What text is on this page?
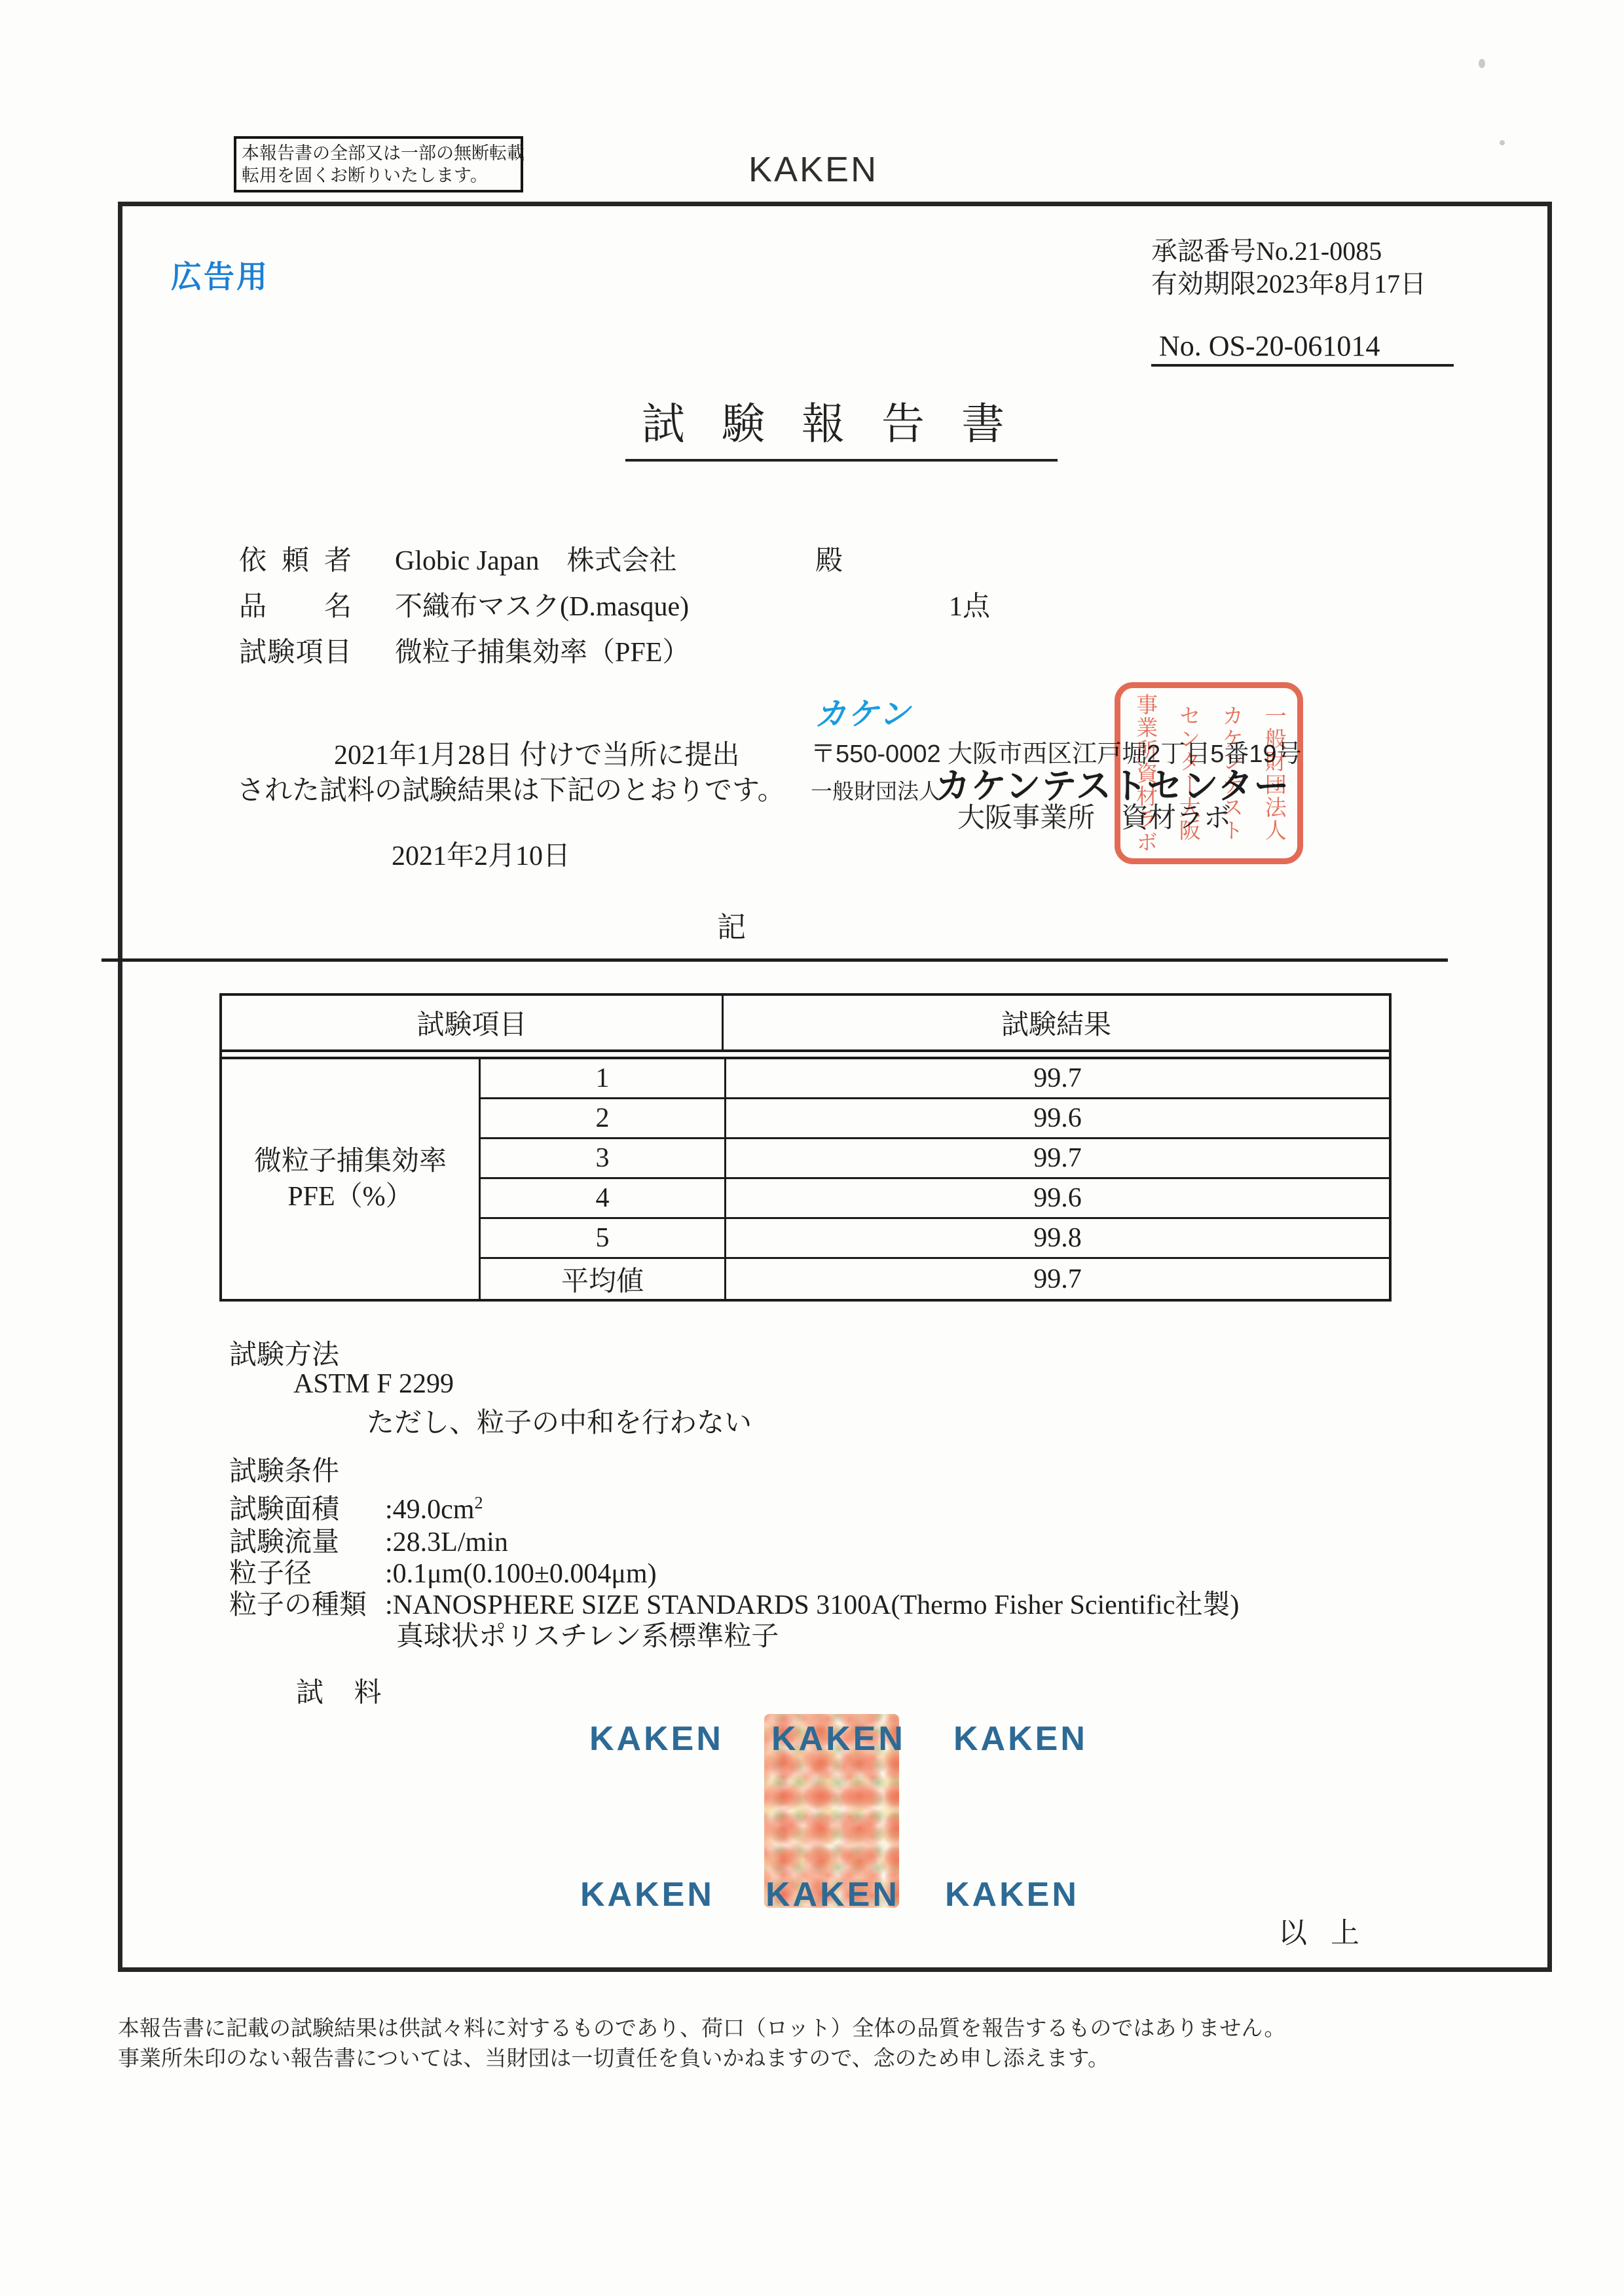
本報告書の全部又は一部の無断転載
転用を固くお断りいたします。	KAKEN
広告用
承認番号No.21-0085
有効期限2023年8月17日
No. OS-20-061014
試験報告書
依頼者 Globic Japan　株式会社	殿
品名 不織布マスク(D.masque)	1点
試験項目 微粒子捕集効率（PFE）
2021年1月28日 付けで当所に提出
された試料の試験結果は下記のとおりです。
2021年2月10日
カケン
〒550-0002 大阪市西区江戸堀2丁目5番19号
一般財団法人
カケンテストセンター
大阪事業所 資材ラボ 一般財団法人
カケンテスト
センター大阪
事業所資材ラボ
記
試験項目	試験結果
微粒子捕集効率
PFE（%）
1	99.7
2	99.6
3	99.7
4	99.6
5	99.8
平均値	99.7
試験方法
ASTM F 2299
ただし、粒子の中和を行わない
試験条件
試験面積 $:49.0cm^2$
試験流量 :28.3L/min
粒子径	:0.1μm(0.100±0.004μm)
粒子の種類 :NANOSPHERE SIZE STANDARDS 3100A(Thermo Fisher Scientific社製)
真球状ポリスチレン系標準粒子
試 料
KAKEN KAKEN KAKEN
KAKEN KAKEN KAKEN
以上
本報告書に記載の試験結果は供試々料に対するものであり、荷口（ロット）全体の品質を報告するものではありません。
事業所朱印のない報告書については、当財団は一切責任を負いかねますので、念のため申し添えます。
